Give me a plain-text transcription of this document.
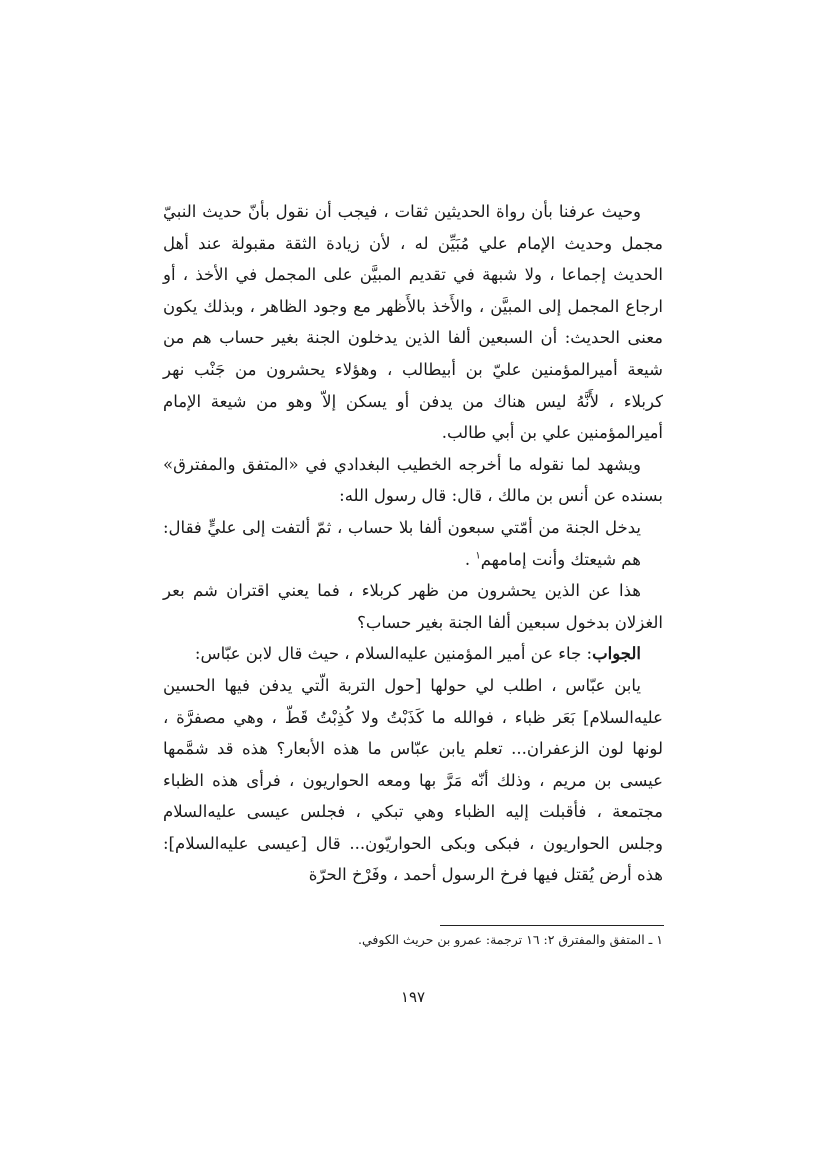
وحيث عرفنا بأن رواة الحديثين ثقات ، فيجب أن نقول بأنّ حديث النبيّ مجمل وحديث الإمام علي مُبَيِّن له ، لأن زيادة الثقة مقبولة عند أهل الحديث إجماعا ، ولا شبهة في تقديم المبيَّن على المجمل في الأخذ ، أو ارجاع المجمل إلى المبيَّن ، والأَخذ بالأَظهر مع وجود الظاهر ، وبذلك يكون معنى الحديث: أن السبعين ألفا الذين يدخلون الجنة بغير حساب هم من شيعة أميرالمؤمنين عليّ بن أبيطالب ، وهؤلاء يحشرون من جَنْب نهر كربلاء ، لأَنَّهُ ليس هناك من يدفن أو يسكن إلاّ وهو من شيعة الإمام أميرالمؤمنين علي بن أبي طالب.

ويشهد لما نقوله ما أخرجه الخطيب البغدادي في «المتفق والمفترق» بسنده عن أنس بن مالك ، قال: قال رسول الله:

يدخل الجنة من أمّتي سبعون ألفا بلا حساب ، ثمّ ألتفت إلى عليٍّ فقال: هم شيعتك وأنت إمامهم$^١$ .

هذا عن الذين يحشرون من ظهر كربلاء ، فما يعني اقتران شم بعر الغزلان بدخول سبعين ألفا الجنة بغير حساب؟

الجواب: جاء عن أمير المؤمنين عليه‌السلام ، حيث قال لابن عبّاس:

يابن عبّاس ، اطلب لي حولها [حول التربة الّتي يدفن فيها الحسين عليه‌السلام] بَعَر ظباء ، فوالله ما كَذَبْتُ ولا كُذِبْتُ قَطّ ، وهي مصفرَّة ، لونها لون الزعفران... تعلم يابن عبّاس ما هذه الأبعار؟ هذه قد شمَّمها عيسى بن مريم ، وذلك أنّه مَرَّ بها ومعه الحواريون ، فرأى هذه الظباء مجتمعة ، فأقبلت إليه الظباء وهي تبكي ، فجلس عيسى عليه‌السلام وجلس الحواريون ، فبكى وبكى الحواريّون... قال [عيسى عليه‌السلام]: هذه أرض يُقتل فيها فرخ الرسول أحمد ، وفَرْخ الحرّة

١ ـ المتفق والمفترق ٢: ١٦ ترجمة: عمرو بن حريث الكوفي.
١٩٧
